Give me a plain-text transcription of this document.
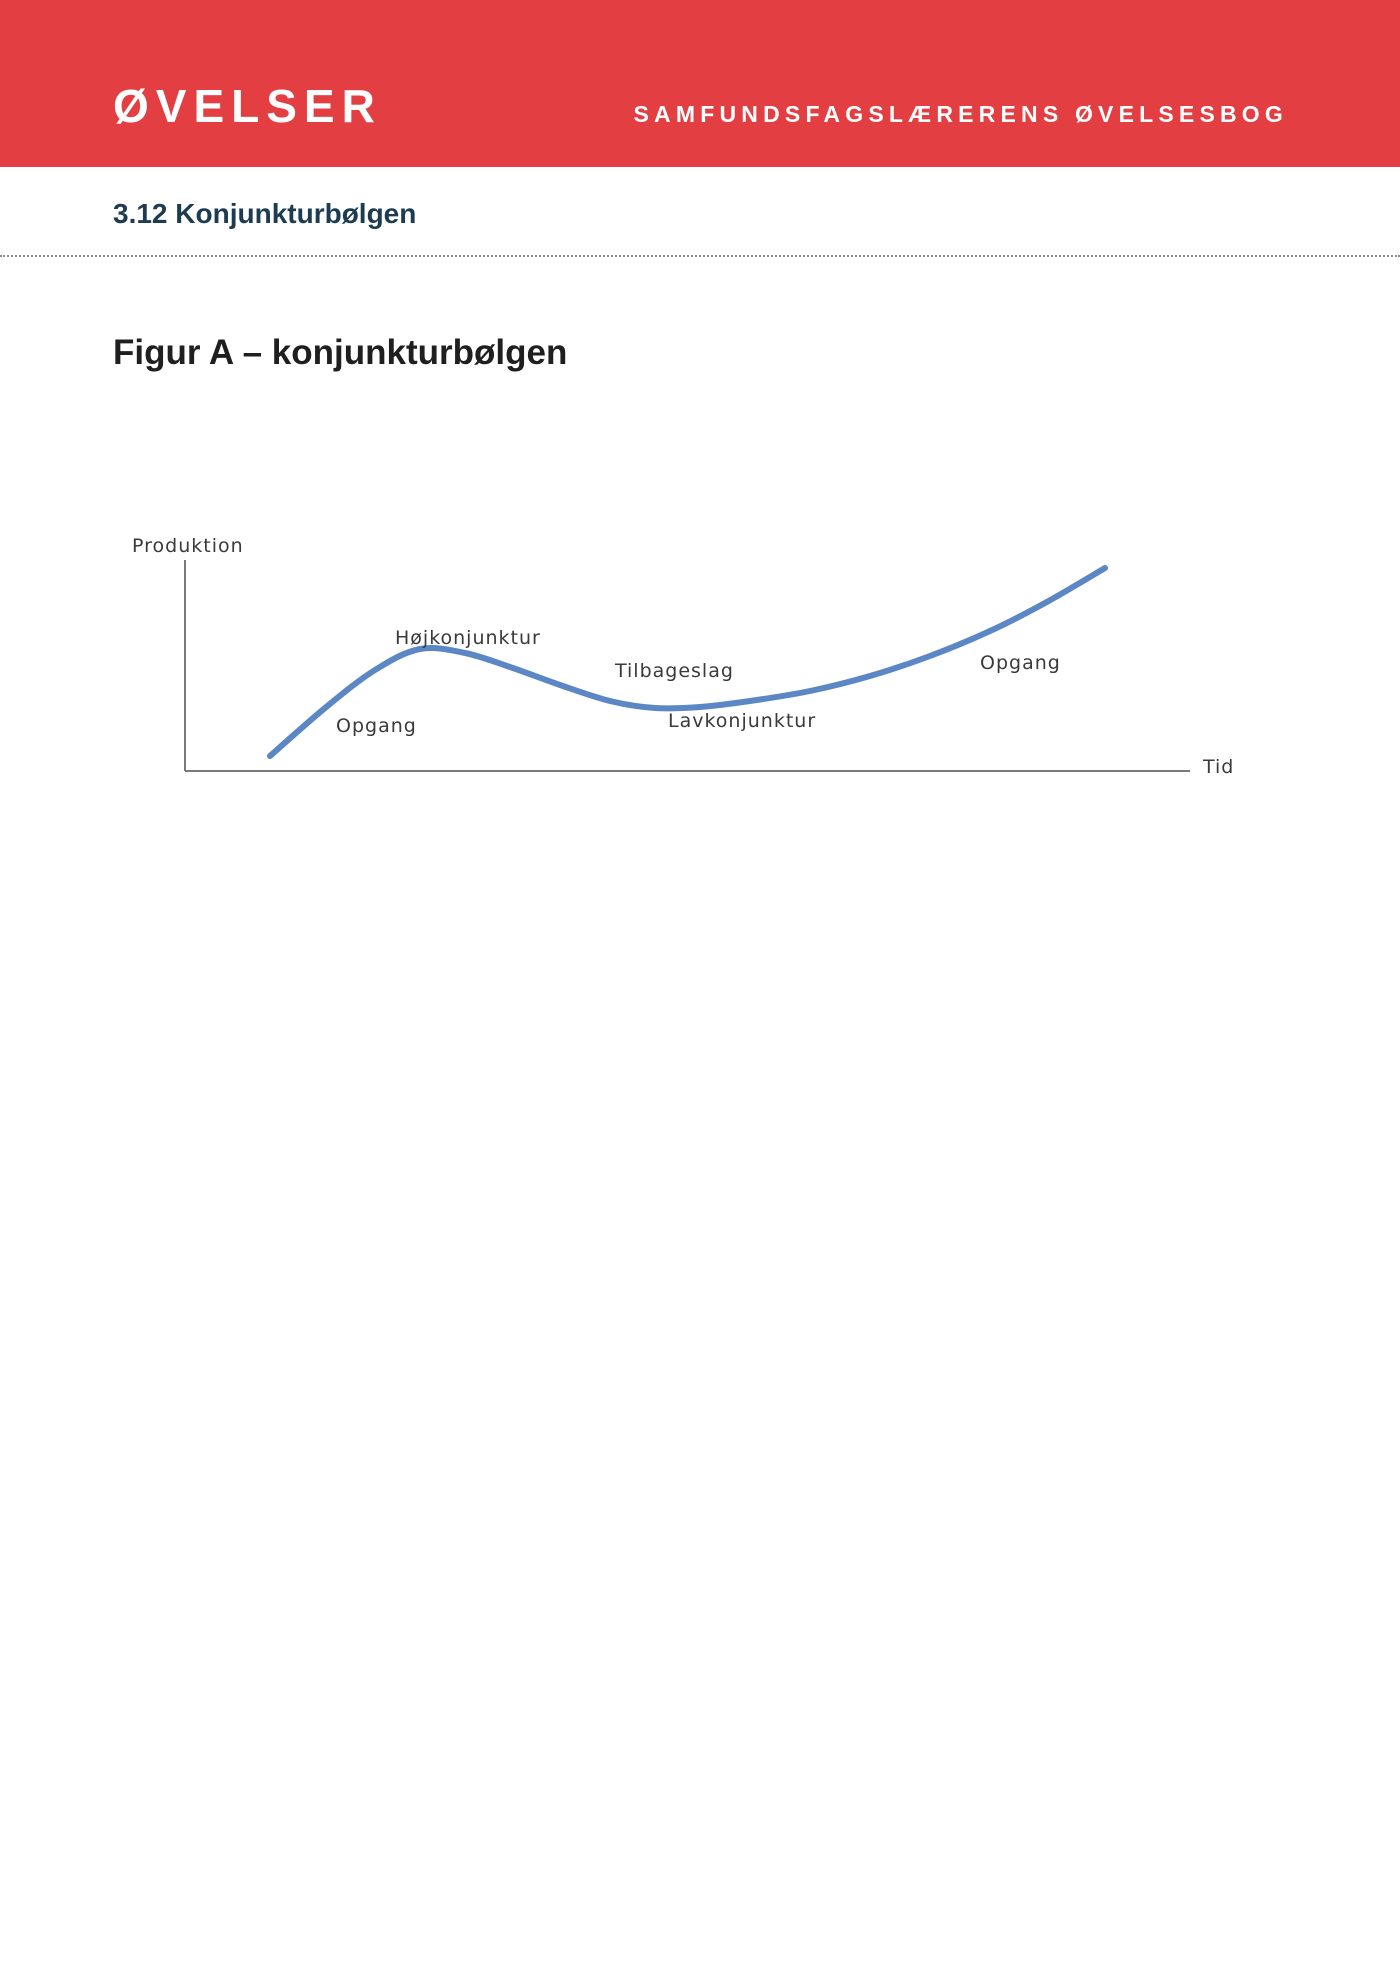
ØVELSER	SAMFUNDSFAGSLÆRERENS ØVELSESBOG
3.12 Konjunkturbølgen
Figur A – konjunkturbølgen
Produktion
Tid
Opgang
Højkonjunktur
Tilbageslag
Lavkonjunktur
Opgang
